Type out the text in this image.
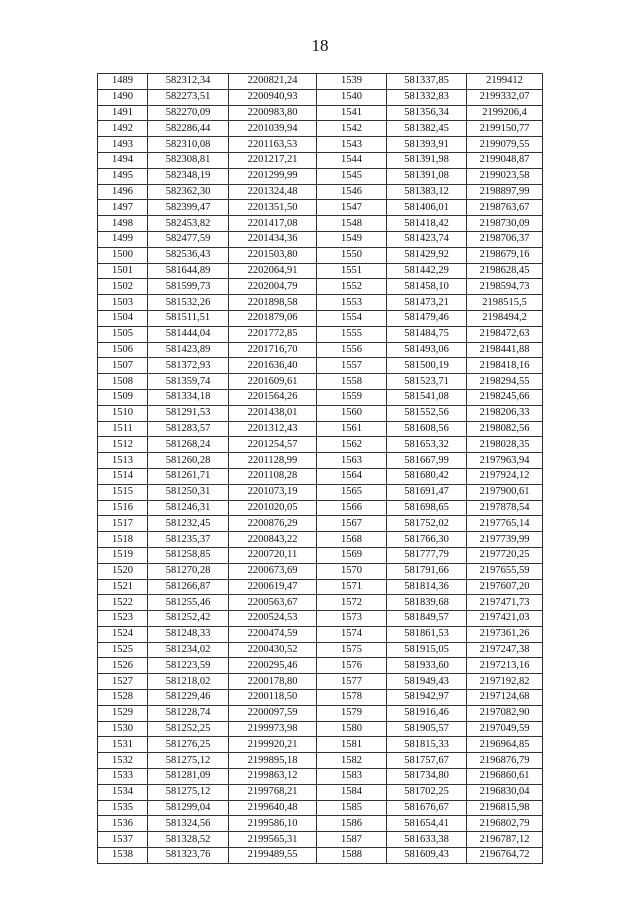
18
1489	582312,34	2200821,24	1539	581337,85	2199412
1490	582273,51	2200940,93	1540	581332,83	2199332,07
1491	582270,09	2200983,80	1541	581356,34	2199206,4
1492	582286,44	2201039,94	1542	581382,45	2199150,77
1493	582310,08	2201163,53	1543	581393,91	2199079,55
1494	582308,81	2201217,21	1544	581391,98	2199048,87
1495	582348,19	2201299,99	1545	581391,08	2199023,58
1496	582362,30	2201324,48	1546	581383,12	2198897,99
1497	582399,47	2201351,50	1547	581406,01	2198763,67
1498	582453,82	2201417,08	1548	581418,42	2198730,09
1499	582477,59	2201434,36	1549	581423,74	2198706,37
1500	582536,43	2201503,80	1550	581429,92	2198679,16
1501	581644,89	2202064,91	1551	581442,29	2198628,45
1502	581599,73	2202004,79	1552	581458,10	2198594,73
1503	581532,26	2201898,58	1553	581473,21	2198515,5
1504	581511,51	2201879,06	1554	581479,46	2198494,2
1505	581444,04	2201772,85	1555	581484,75	2198472,63
1506	581423,89	2201716,70	1556	581493,06	2198441,88
1507	581372,93	2201636,40	1557	581500,19	2198418,16
1508	581359,74	2201609,61	1558	581523,71	2198294,55
1509	581334,18	2201564,26	1559	581541,08	2198245,66
1510	581291,53	2201438,01	1560	581552,56	2198206,33
1511	581283,57	2201312,43	1561	581608,56	2198082,56
1512	581268,24	2201254,57	1562	581653,32	2198028,35
1513	581260,28	2201128,99	1563	581667,99	2197963,94
1514	581261,71	2201108,28	1564	581680,42	2197924,12
1515	581250,31	2201073,19	1565	581691,47	2197900,61
1516	581246,31	2201020,05	1566	581698,65	2197878,54
1517	581232,45	2200876,29	1567	581752,02	2197765,14
1518	581235,37	2200843,22	1568	581766,30	2197739,99
1519	581258,85	2200720,11	1569	581777,79	2197720,25
1520	581270,28	2200673,69	1570	581791,66	2197655,59
1521	581266,87	2200619,47	1571	581814,36	2197607,20
1522	581255,46	2200563,67	1572	581839,68	2197471,73
1523	581252,42	2200524,53	1573	581849,57	2197421,03
1524	581248,33	2200474,59	1574	581861,53	2197361,26
1525	581234,02	2200430,52	1575	581915,05	2197247,38
1526	581223,59	2200295,46	1576	581933,60	2197213,16
1527	581218,02	2200178,80	1577	581949,43	2197192,82
1528	581229,46	2200118,50	1578	581942,97	2197124,68
1529	581228,74	2200097,59	1579	581916,46	2197082,90
1530	581252,25	2199973,98	1580	581905,57	2197049,59
1531	581276,25	2199920,21	1581	581815,33	2196964,85
1532	581275,12	2199895,18	1582	581757,67	2196876,79
1533	581281,09	2199863,12	1583	581734,80	2196860,61
1534	581275,12	2199768,21	1584	581702,25	2196830,04
1535	581299,04	2199640,48	1585	581676,67	2196815,98
1536	581324,56	2199586,10	1586	581654,41	2196802,79
1537	581328,52	2199565,31	1587	581633,38	2196787,12
1538	581323,76	2199489,55	1588	581609,43	2196764,72
